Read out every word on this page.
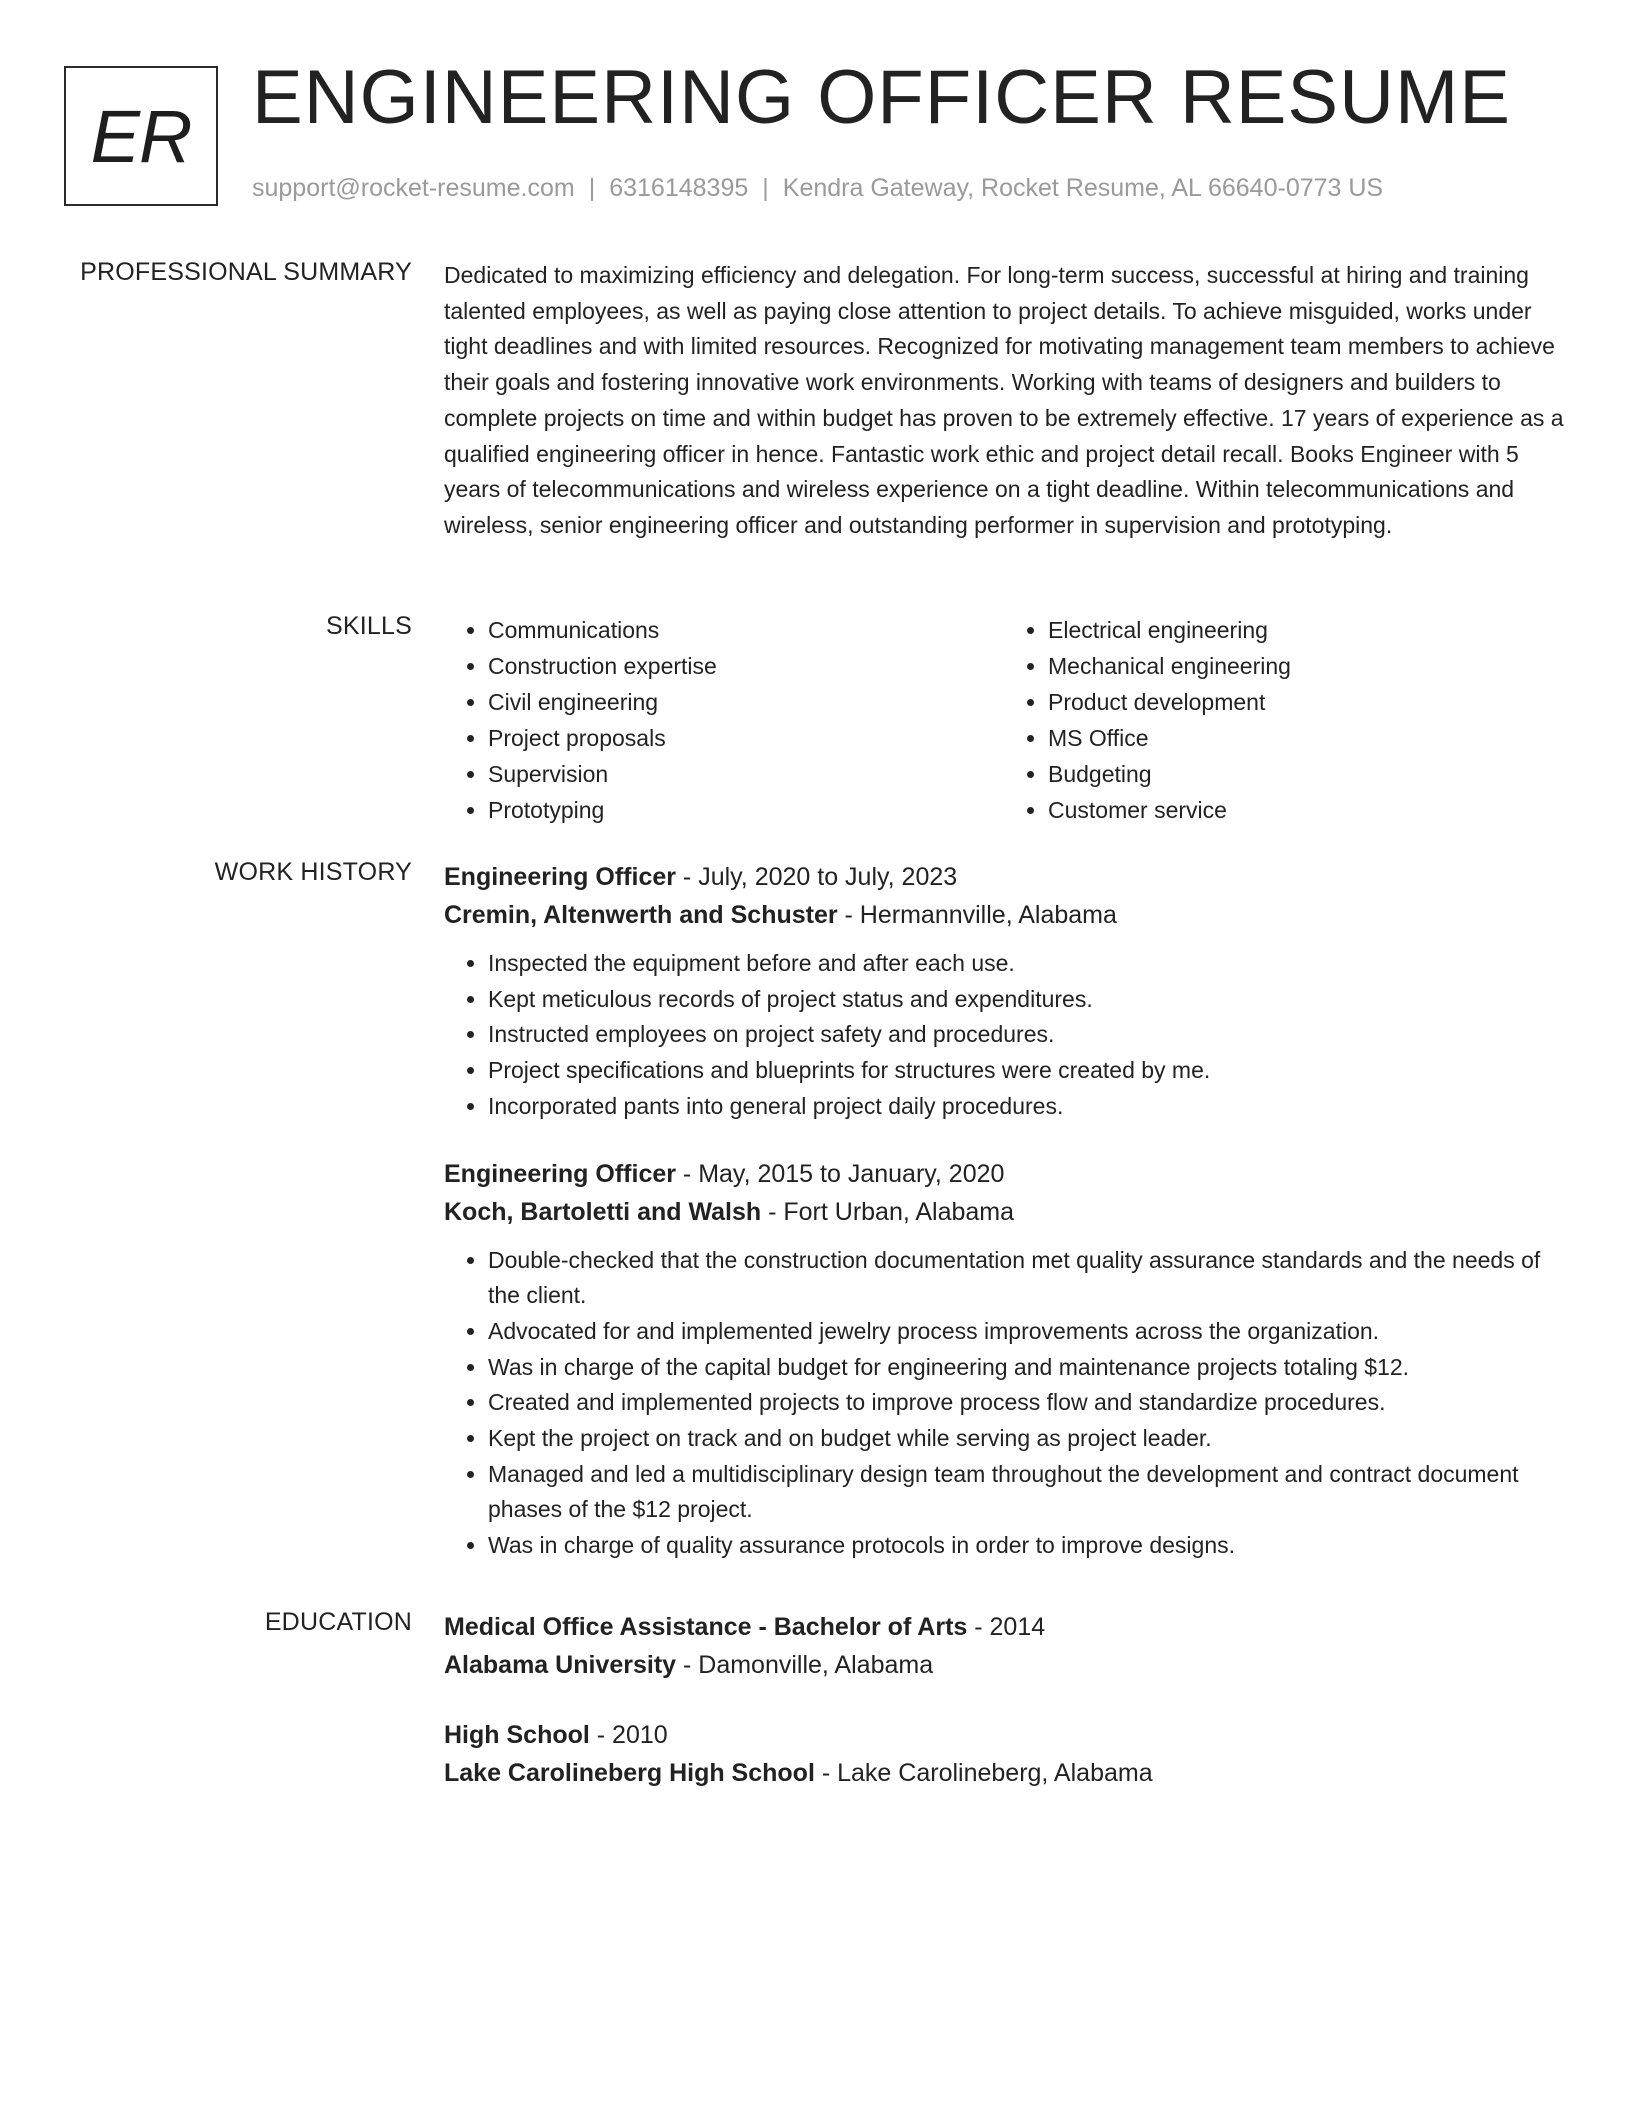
ER ENGINEERING OFFICER RESUME
support@rocket-resume.com | 6316148395 | Kendra Gateway, Rocket Resume, AL 66640-0773 US
PROFESSIONAL SUMMARY Dedicated to maximizing efficiency and delegation. For long-term success, successful at hiring and training talented employees, as well as paying close attention to project details. To achieve misguided, works under tight deadlines and with limited resources. Recognized for motivating management team members to achieve their goals and fostering innovative work environments. Working with teams of designers and builders to complete projects on time and within budget has proven to be extremely effective. 17 years of experience as a qualified engineering officer in hence. Fantastic work ethic and project detail recall. Books Engineer with 5 years of telecommunications and wireless experience on a tight deadline. Within telecommunications and wireless, senior engineering officer and outstanding performer in supervision and prototyping.

SKILLS
•	Communications
• Construction expertise
• Civil engineering
• Project proposals
• Supervision
• Prototyping
• Electrical engineering
• Mechanical engineering
• Product development
• MS Office
• Budgeting
• Customer service
WORK HISTORY Engineering Officer - July, 2020 to July, 2023
Cremin, Altenwerth and Schuster - Hermannville, Alabama
• Inspected the equipment before and after each use.
• Kept meticulous records of project status and expenditures.
• Instructed employees on project safety and procedures.
• Project specifications and blueprints for structures were created by me.
• Incorporated pants into general project daily procedures.
Engineering Officer - May, 2015 to January, 2020
Koch, Bartoletti and Walsh - Fort Urban, Alabama
• Double-checked that the construction documentation met quality assurance standards and the needs of the client.
• Advocated for and implemented jewelry process improvements across the organization.
• Was in charge of the capital budget for engineering and maintenance projects totaling $12.
• Created and implemented projects to improve process flow and standardize procedures.
• Kept the project on track and on budget while serving as project leader.
• Managed and led a multidisciplinary design team throughout the development and contract document phases of the $12 project.
• Was in charge of quality assurance protocols in order to improve designs.
EDUCATION Medical Office Assistance - Bachelor of Arts - 2014
Alabama University - Damonville, Alabama
High School - 2010
Lake Carolineberg High School - Lake Carolineberg, Alabama
